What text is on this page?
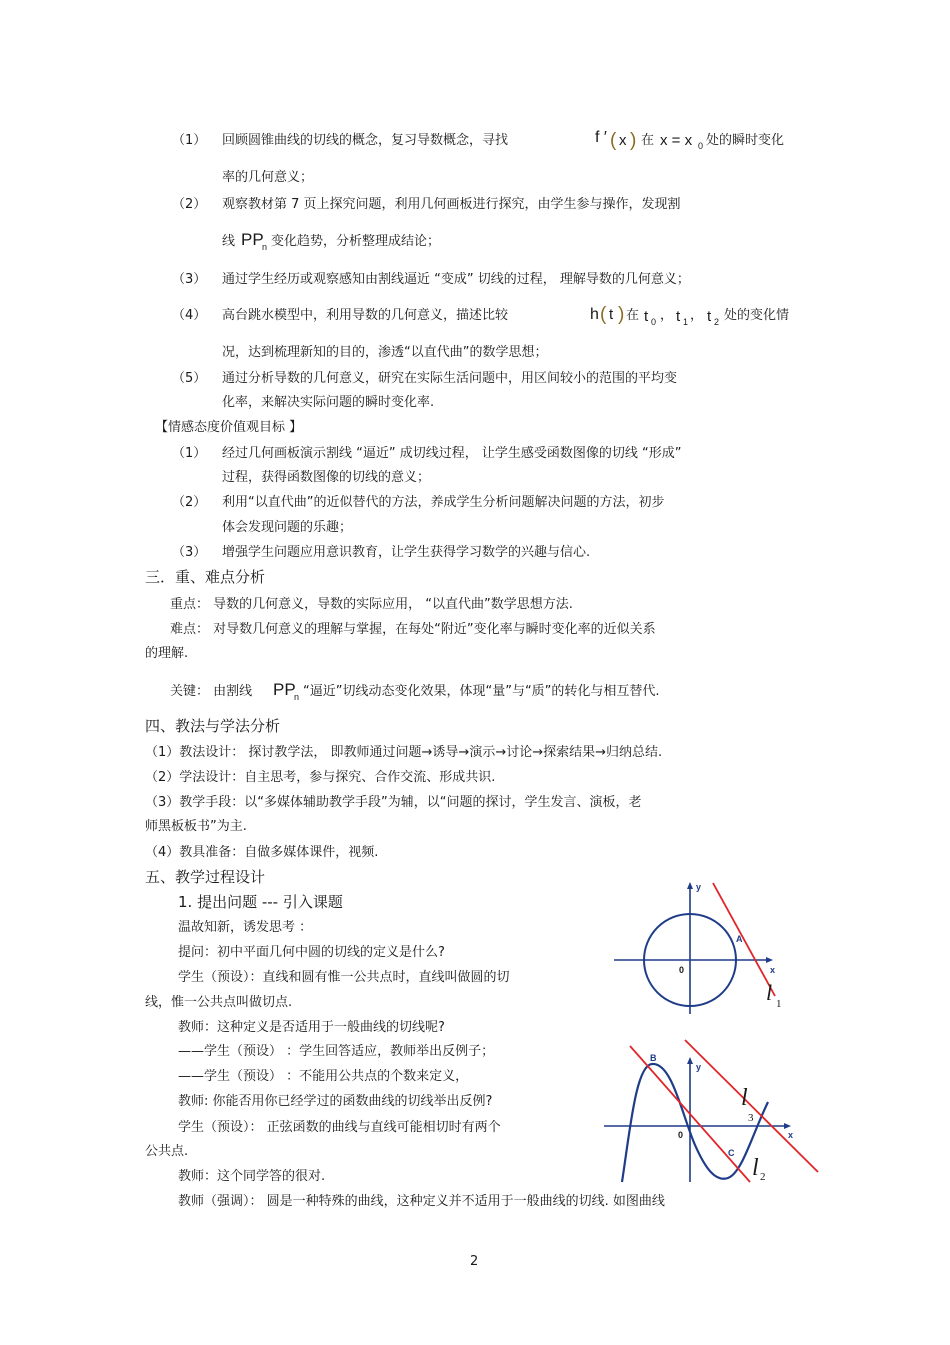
（1） 回顾圆锥曲线的切线的概念，复习导数概念，寻找	f ′ ( x ) 在 x = x 0 处的瞬时变化
率的几何意义；
（2） 观察教材第 7 页上探究问题，利用几何画板进行探究，由学生参与操作，发现割
线 PP
n 变化趋势，分析整理成结论；
（3） 通过学生经历或观察感知由割线逼近 “变成” 切线的过程， 理解导数的几何意义；
（4） 高台跳水模型中，利用导数的几何意义，描述比较	h ( t ) 在 t 0 ， t 1 ， t 2 处的变化情
况，达到梳理新知的目的，渗透“以直代曲”的数学思想；
（5） 通过分析导数的几何意义，研究在实际生活问题中，用区间较小的范围的平均变
化率，来解决实际问题的瞬时变化率.
【情感态度价值观目标 】
（1） 经过几何画板演示割线 “逼近” 成切线过程， 让学生感受函数图像的切线 “形成”
过程，获得函数图像的切线的意义；
（2） 利用“以直代曲”的近似替代的方法，养成学生分析问题解决问题的方法，初步
体会发现问题的乐趣；
（3） 增强学生问题应用意识教育，让学生获得学习数学的兴趣与信心.
三．重、难点分析
重点： 导数的几何意义，导数的实际应用， “以直代曲”数学思想方法.
难点： 对导数几何意义的理解与掌握，在每处“附近”变化率与瞬时变化率的近似关系
的理解.
关键： 由割线 PP
n “逼近”切线动态变化效果，体现“量”与“质”的转化与相互替代.
四、教法与学法分析
（1）教法设计： 探讨教学法， 即教师通过问题→诱导→演示→讨论→探索结果→归纳总结.
（2）学法设计：自主思考，参与探究、合作交流、形成共识.
（3）教学手段：以“多媒体辅助教学手段”为辅，以“问题的探讨，学生发言、演板，老
师黑板板书”为主.
（4）教具准备：自做多媒体课件，视频.
五、教学过程设计
1. 提出问题 --- 引入课题
温故知新，诱发思考 ：
提问：初中平面几何中圆的切线的定义是什么?
学生（预设）：直线和圆有惟一公共点时，直线叫做圆的切
线，惟一公共点叫做切点.
教师：这种定义是否适用于一般曲线的切线呢?
——学生（预设） ：学生回答适应，教师举出反例子；
——学生（预设） ：不能用公共点的个数来定义，
教师: 你能否用你已经学过的函数曲线的切线举出反例?
学生（预设）： 正弦函数的曲线与直线可能相切时有两个
公共点.
教师：这个同学答的很对.
教师（强调）： 圆是一种特殊的曲线，这种定义并不适用于一般曲线的切线. 如图曲线
y
x
0
A
l 1
y
x
0
B
C
l
3
l 2
2
